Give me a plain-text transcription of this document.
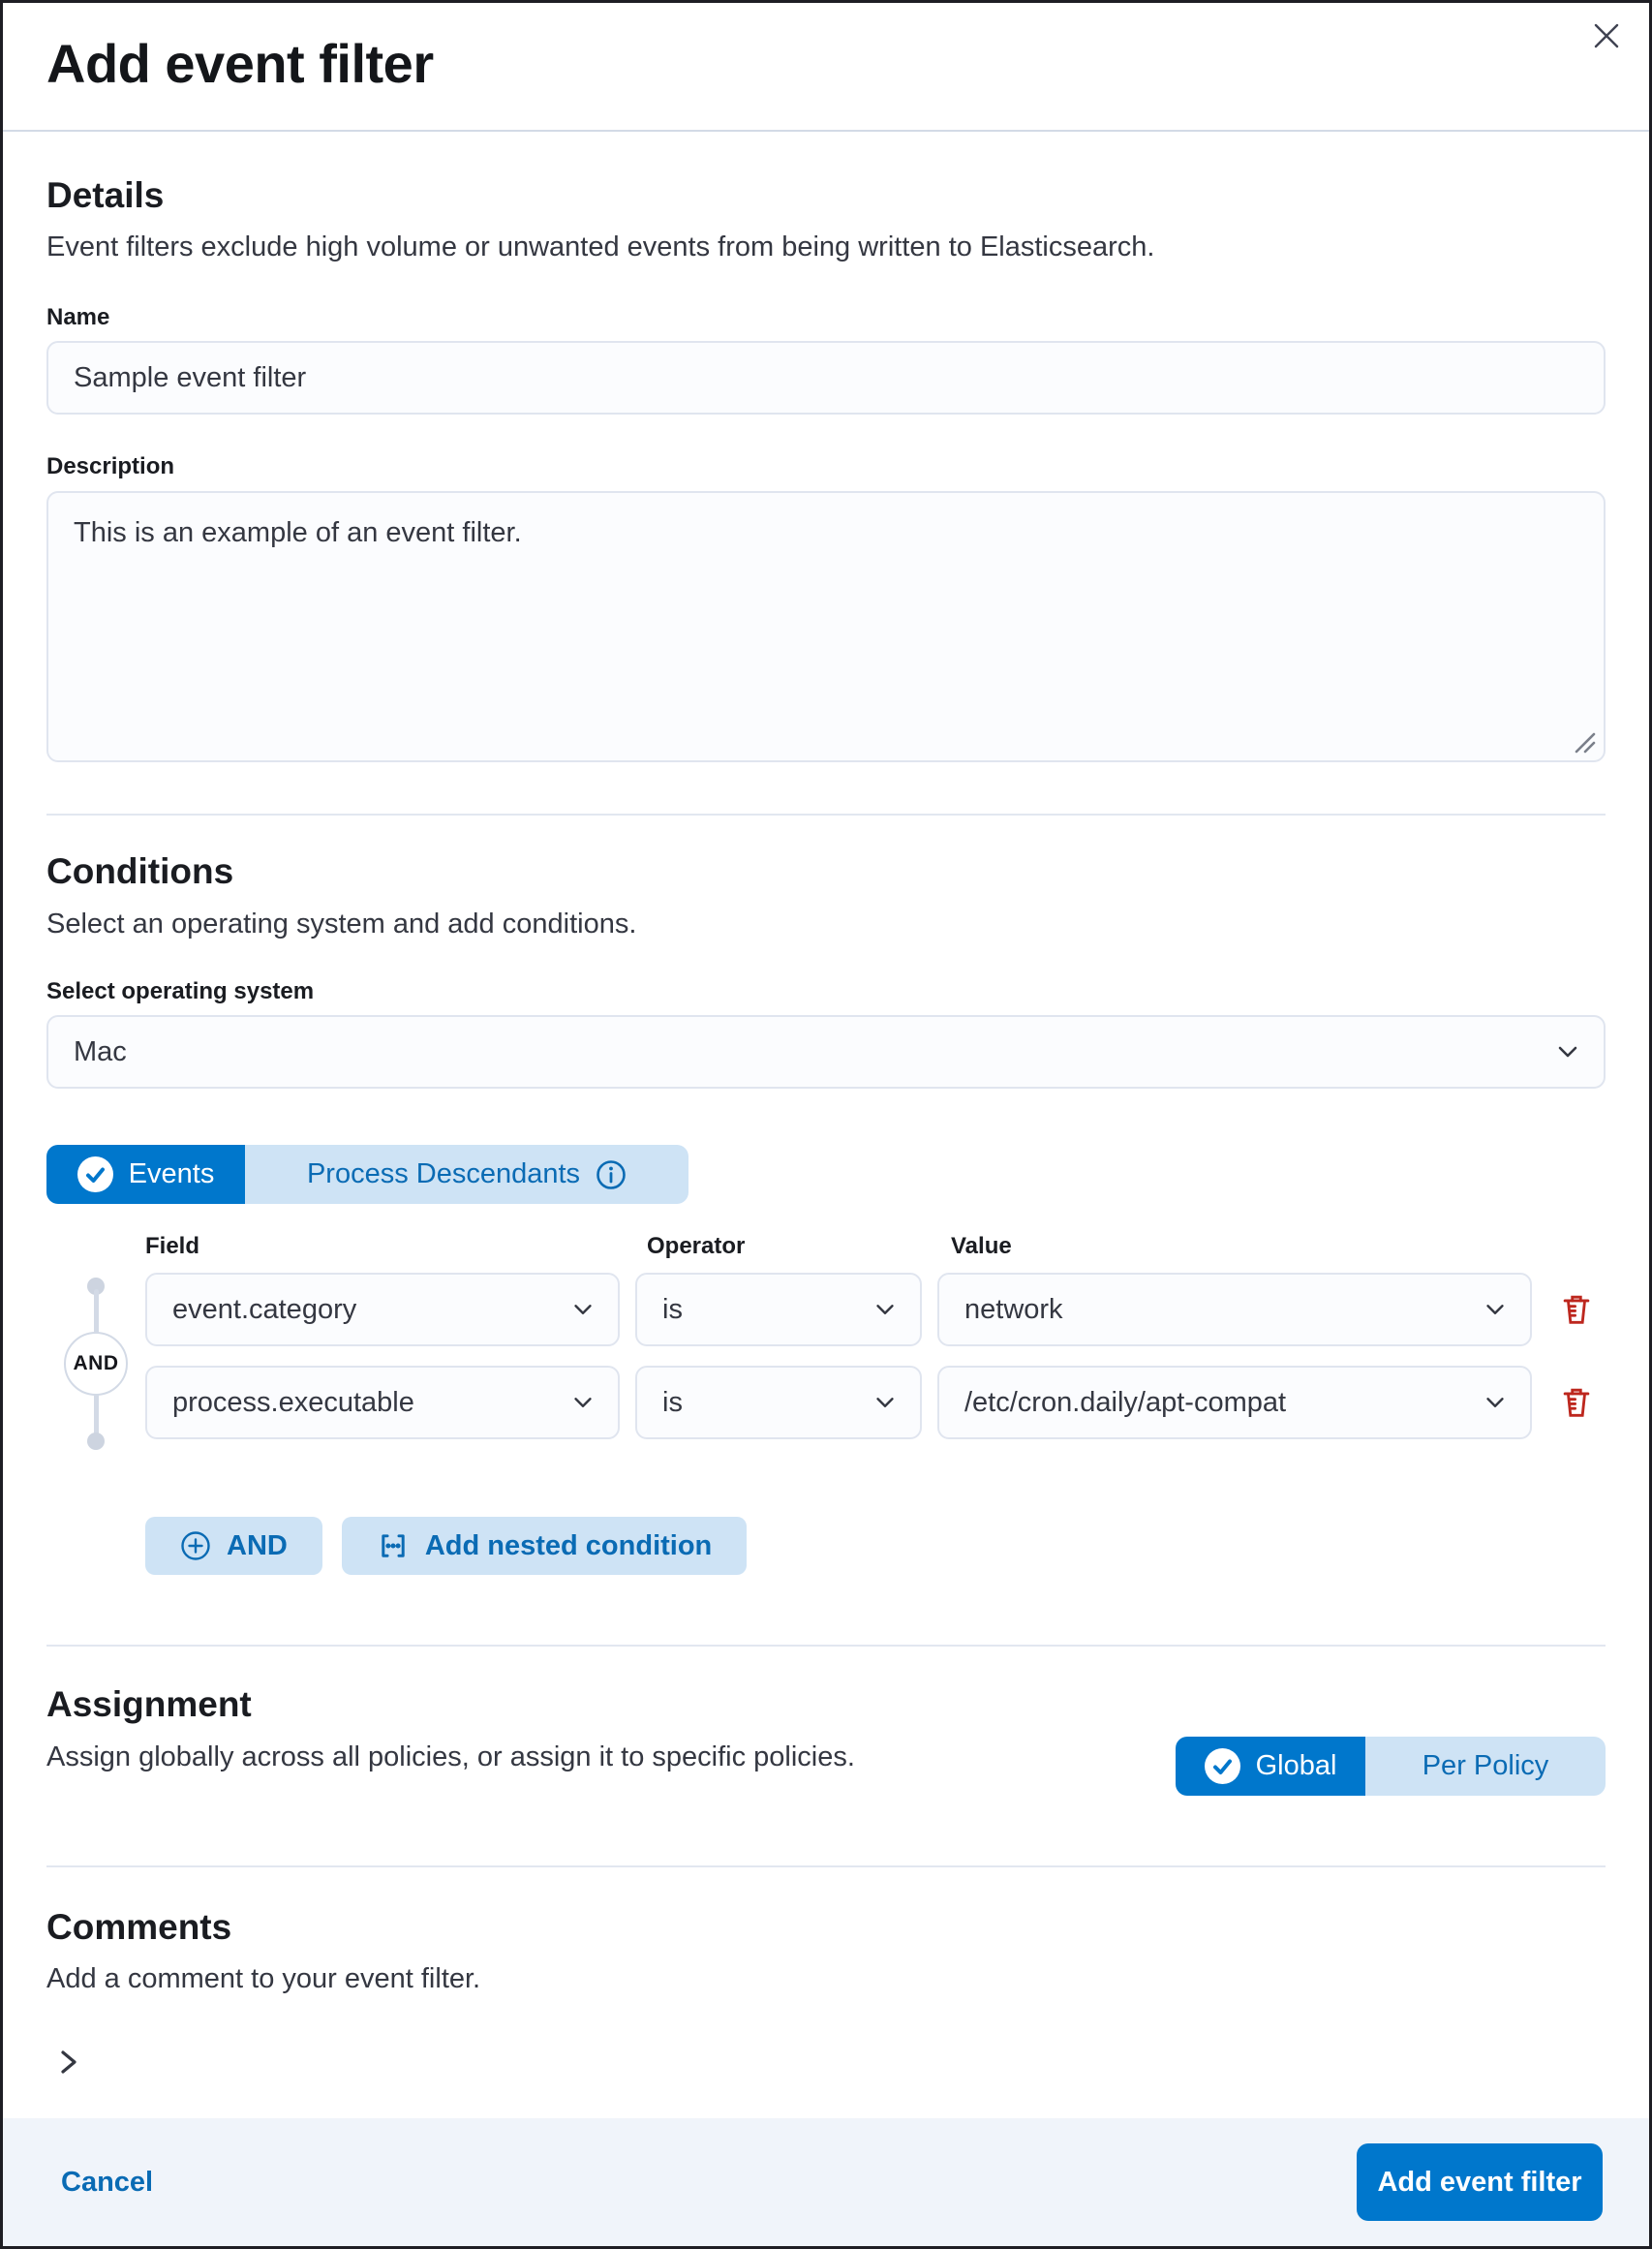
Add event filter
Details

Event filters exclude high volume or unwanted events from being written to Elasticsearch.

Name
Sample event filter
Description
This is an example of an event filter.
Conditions

Select an operating system and add conditions.

Select operating system
Mac
Events	Process Descendants
AND
Field	Operator	Value
event.category	is	network
process.executable	is	/etc/cron.daily/apt-compat
AND	Add nested condition
Assignment

Assign globally across all policies, or assign it to specific policies.	Global	Per Policy
Comments

Add a comment to your event filter.

Cancel	Add event filter
